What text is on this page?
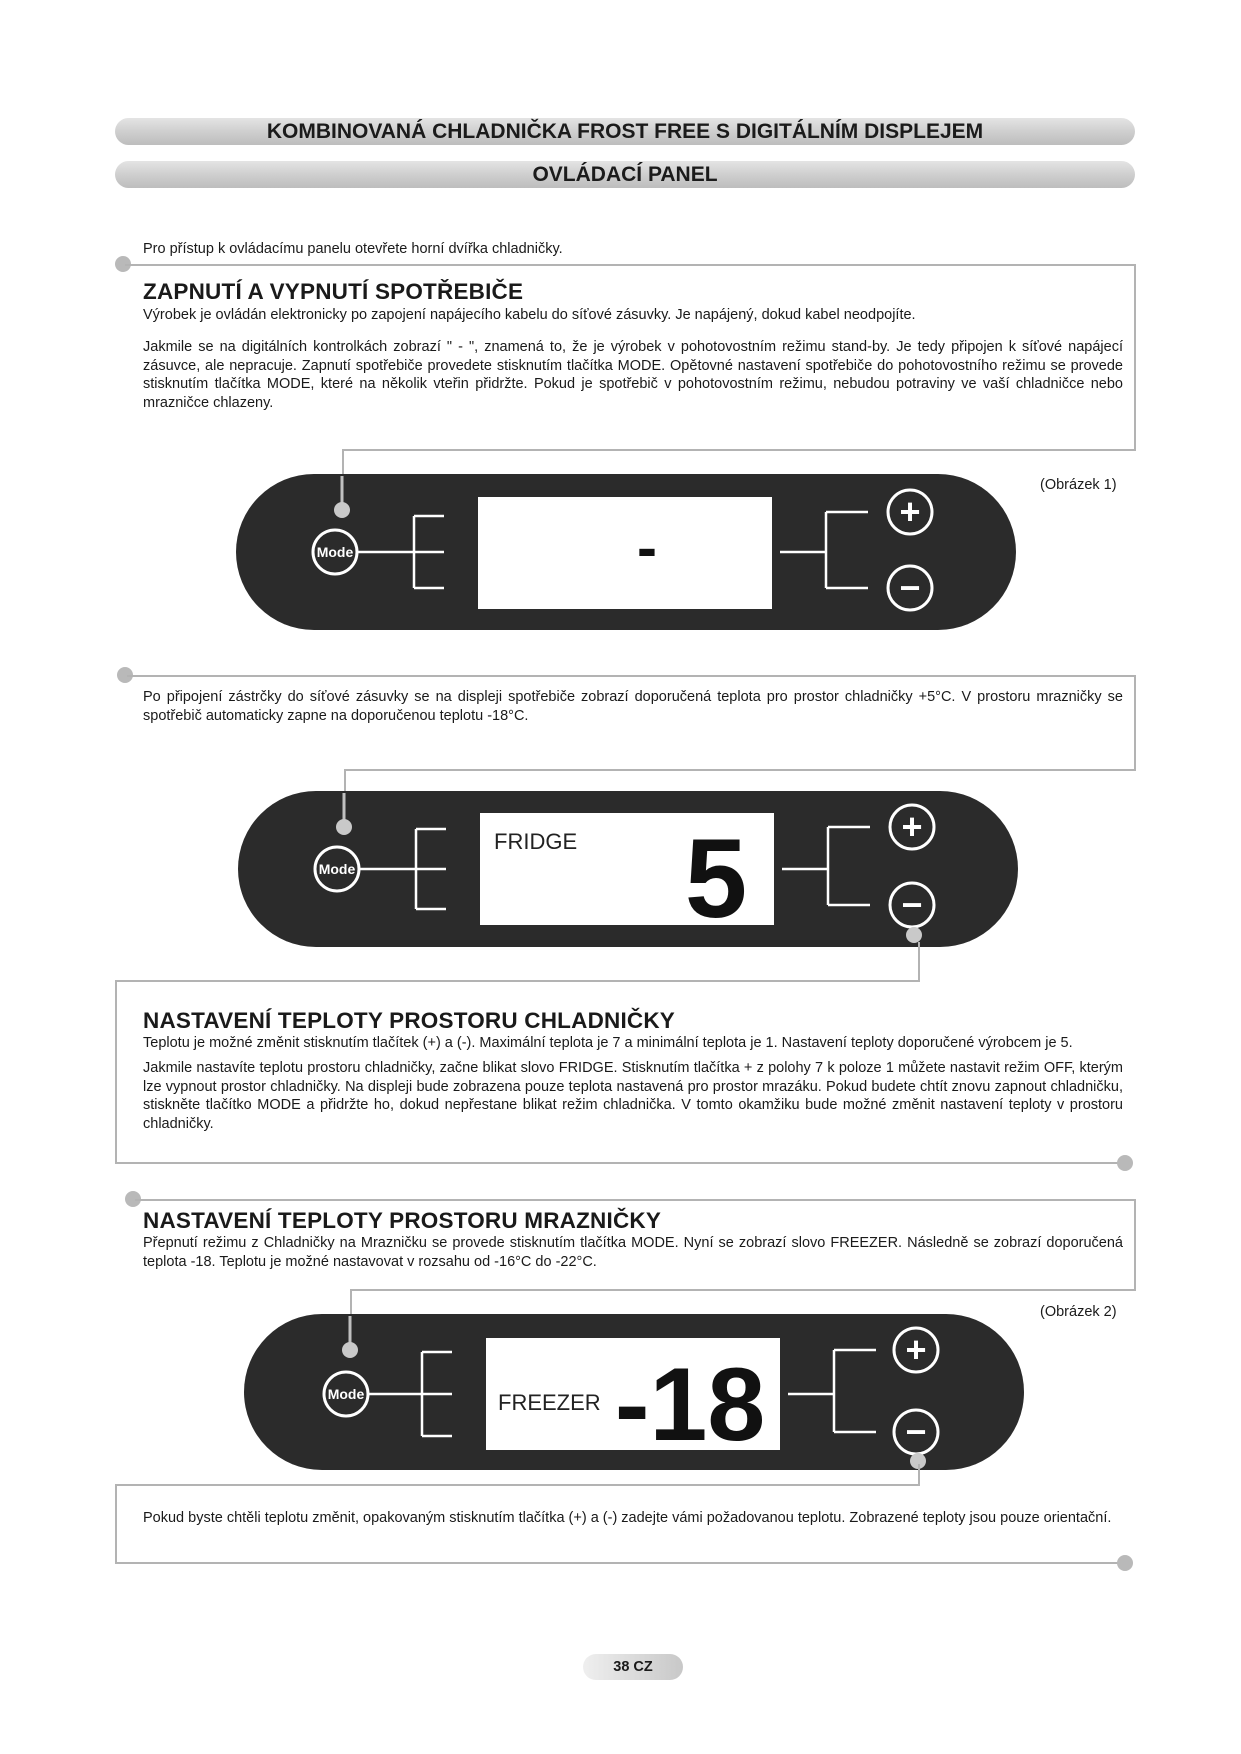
KOMBINOVANÁ CHLADNIČKA FROST FREE S DIGITÁLNÍM DISPLEJEM
OVLÁDACÍ PANEL

Pro přístup k ovládacímu panelu otevřete horní dvířka chladničky.

ZAPNUTÍ A VYPNUTÍ SPOTŘEBIČE

Výrobek je ovládán elektronicky po zapojení napájecího kabelu do síťové zásuvky. Je napájený, dokud kabel neodpojíte.

Jakmile se na digitálních kontrolkách zobrazí " - ", znamená to, že je výrobek v pohotovostním režimu stand-by. Je tedy připojen k síťové napájecí zásuvce, ale nepracuje. Zapnutí spotřebiče provedete stisknutím tlačítka MODE. Opětovné nastavení spotřebiče do pohotovostního režimu se provede stisknutím tlačítka MODE, které na několik vteřin přidržte. Pokud je spotřebič v pohotovostním režimu, nebudou potraviny ve vaší chladničce nebo mrazničce chlazeny.

(Obrázek 1)
Mode	-
+
−

Po připojení zástrčky do síťové zásuvky se na displeji spotřebiče zobrazí doporučená teplota pro prostor chladničky +5°C. V prostoru mrazničky se spotřebič automaticky zapne na doporučenou teplotu -18°C.

Mode
FRIDGE 5	+
−
NASTAVENÍ TEPLOTY PROSTORU CHLADNIČKY

Teplotu je možné změnit stisknutím tlačítek (+) a (-). Maximální teplota je 7 a minimální teplota je 1. Nastavení teploty doporučené výrobcem je 5.

Jakmile nastavíte teplotu prostoru chladničky, začne blikat slovo FRIDGE. Stisknutím tlačítka + z polohy 7 k poloze 1 můžete nastavit režim OFF, kterým lze vypnout prostor chladničky. Na displeji bude zobrazena pouze teplota nastavená pro prostor mrazáku. Pokud budete chtít znovu zapnout chladničku, stiskněte tlačítko MODE a přidržte ho, dokud nepřestane blikat režim chladnička. V tomto okamžiku bude možné změnit nastavení teploty v prostoru chladničky.

NASTAVENÍ TEPLOTY PROSTORU MRAZNIČKY

Přepnutí režimu z Chladničky na Mrazničku se provede stisknutím tlačítka MODE. Nyní se zobrazí slovo FREEZER. Následně se zobrazí doporučená teplota -18. Teplotu je možné nastavovat v rozsahu od -16°C do -22°C.

(Obrázek 2)
Mode	FREEZER -18	+
−

Pokud byste chtěli teplotu změnit, opakovaným stisknutím tlačítka (+) a (-) zadejte vámi požadovanou teplotu. Zobrazené teploty jsou pouze orientační.

38 CZ
